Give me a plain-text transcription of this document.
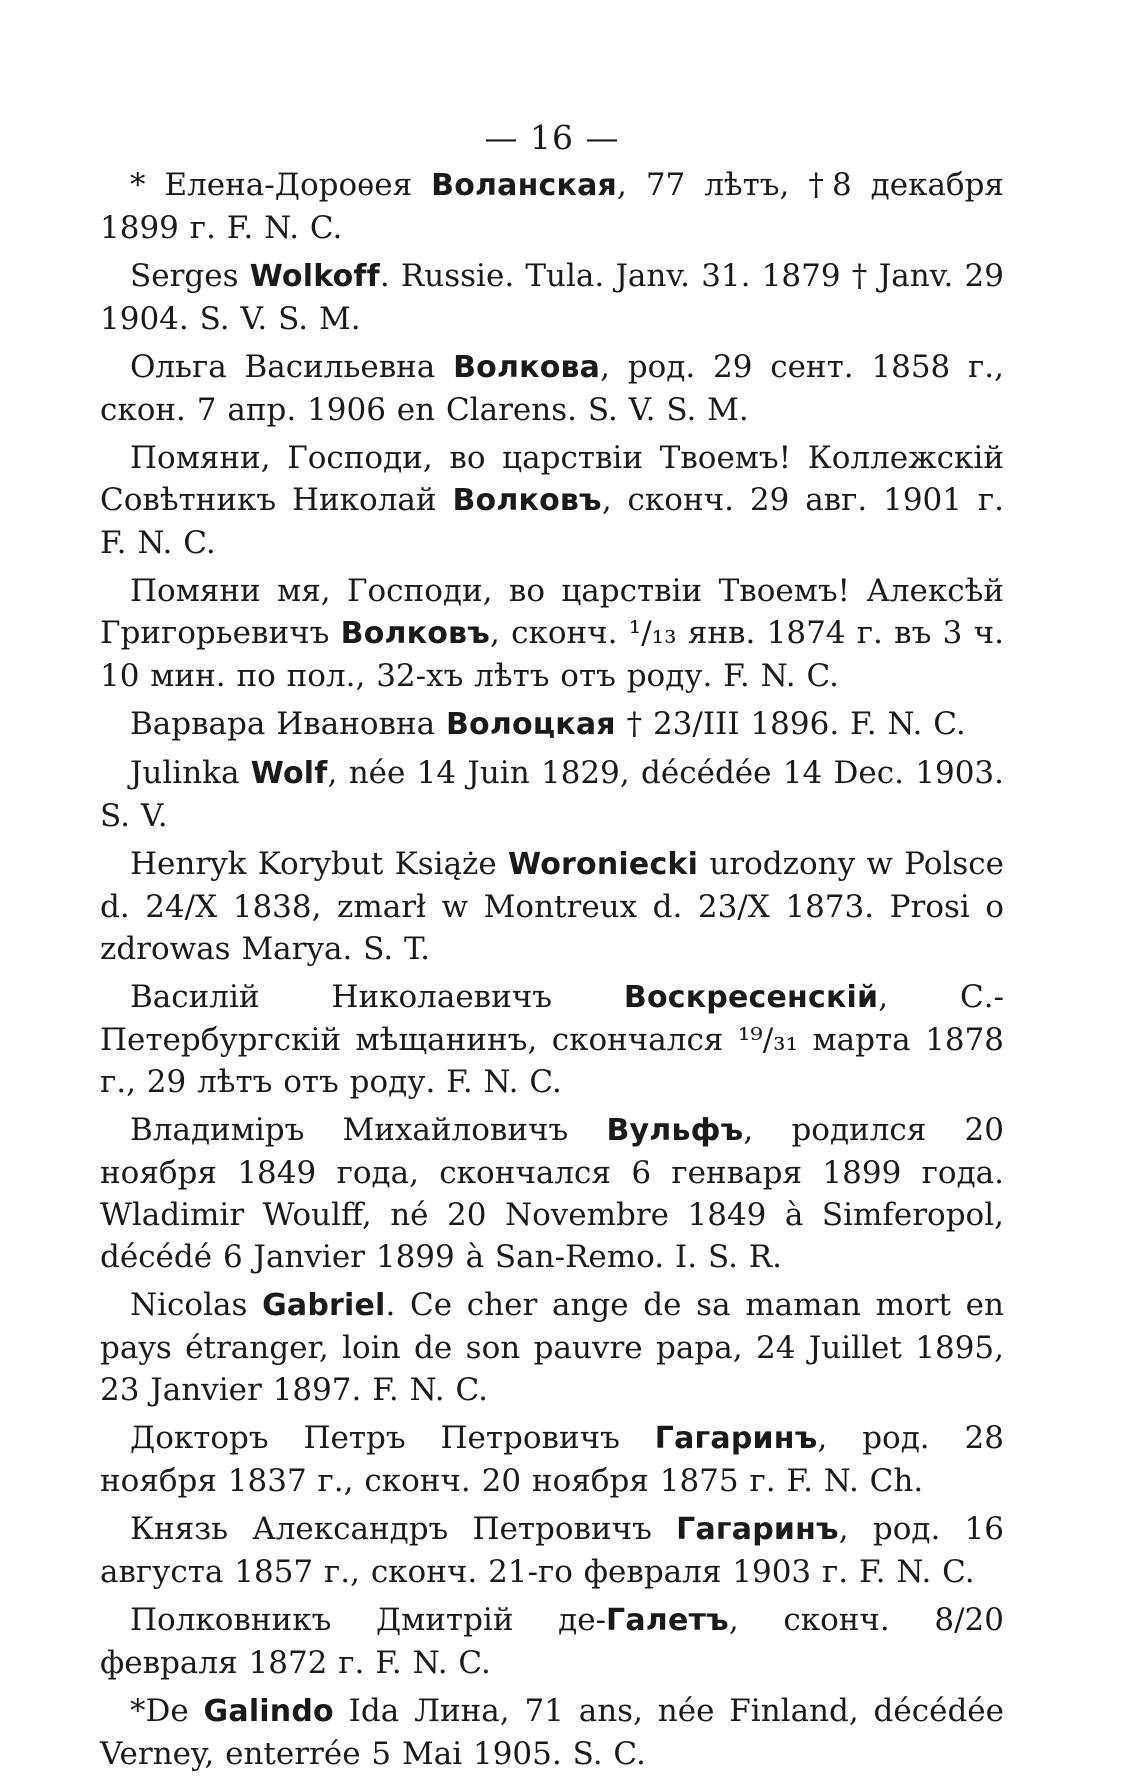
— 16 —

* Елена-Дороѳея Воланская, 77 лѣтъ, †8 декабря 1899 г. F. N. C.

Serges Wolkoff. Russie. Tula. Janv. 31. 1879 † Janv. 29 1904. S. V. S. M.

Ольга Васильевна Волкова, род. 29 сент. 1858 г., скон. 7 апр. 1906 en Clarens. S. V. S. M.

Помяни, Господи, во царствіи Твоемъ! Коллежскій Совѣтникъ Николай Волковъ, сконч. 29 авг. 1901 г. F. N. C.

Помяни мя, Господи, во царствіи Твоемъ! Алексѣй Григорьевичъ Волковъ, сконч. ¹/₁₃ янв. 1874 г. въ 3 ч. 10 мин. по пол., 32-хъ лѣтъ отъ роду. F. N. C.

Варвара Ивановна Волоцкая † 23/III 1896. F. N. C.

Julinka Wolf, née 14 Juin 1829, décédée 14 Dec. 1903. S. V.

Henryk Korybut Książe Woroniecki urodzony w Polsce d. 24/X 1838, zmarł w Montreux d. 23/X 1873. Prosi o zdrowas Marya. S. T.

Василій Николаевичъ Воскресенскій, С.-Петербургскій мѣщанинъ, скончался ¹⁹/₃₁ марта 1878 г., 29 лѣтъ отъ роду. F. N. C.

Владиміръ Михайловичъ Вульфъ, родился 20 ноября 1849 года, скончался 6 генваря 1899 года. Wladimir Woulff, né 20 Novembre 1849 à Simferopol, décédé 6 Janvier 1899 à San-Remo. I. S. R.

Nicolas Gabriel. Ce cher ange de sa maman mort en pays étranger, loin de son pauvre papa, 24 Juillet 1895, 23 Janvier 1897. F. N. C.

Докторъ Петръ Петровичъ Гагаринъ, род. 28 ноября 1837 г., сконч. 20 ноября 1875 г. F. N. Ch.

Князь Александръ Петровичъ Гагаринъ, род. 16 августа 1857 г., сконч. 21-го февраля 1903 г. F. N. C.

Полковникъ Дмитрій де-Галетъ, сконч. 8/20 февраля 1872 г. F. N. C.

*De Galindo Ida Лина, 71 ans, née Finland, décédée Verney, enterrée 5 Mai 1905. S. C.
